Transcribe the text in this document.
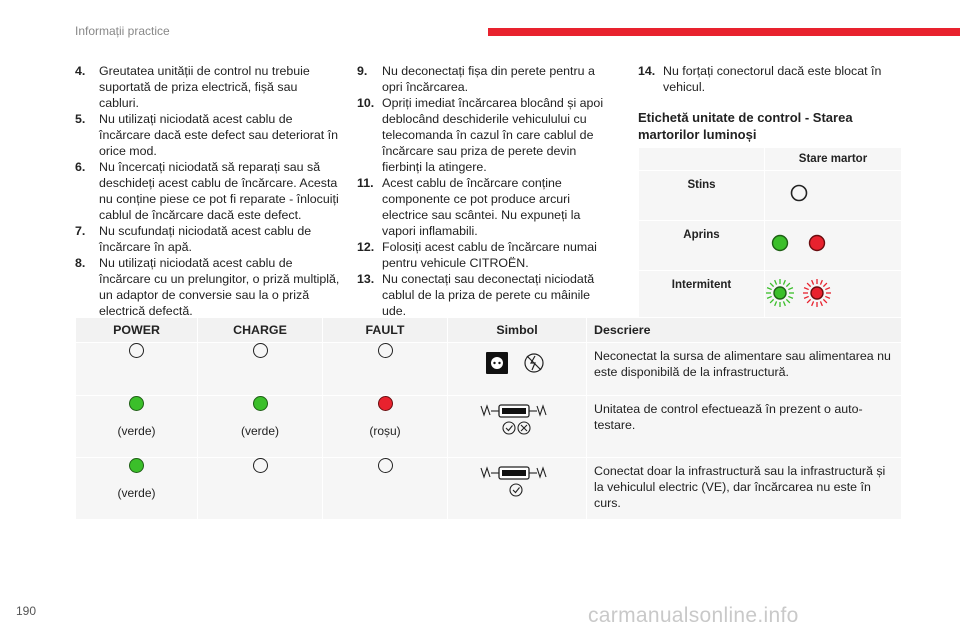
Informații practice
4.	Greutatea unității de control nu trebuie suportată de priza electrică, fișă sau cabluri.
5.	Nu utilizați niciodată acest cablu de încărcare dacă este defect sau deteriorat în orice mod.
6.	Nu încercați niciodată să reparați sau să deschideți acest cablu de încărcare. Acesta nu conține piese ce pot fi reparate - înlocuiți cablul de încărcare dacă este defect.
7.	Nu scufundați niciodată acest cablu de încărcare în apă.
8.	Nu utilizați niciodată acest cablu de încărcare cu un prelungitor, o priză multiplă, un adaptor de conversie sau la o priză electrică defectă.
9.	Nu deconectați fișa din perete pentru a opri încărcarea.
10. Opriți imediat încărcarea blocând și apoi deblocând deschiderile vehiculului cu telecomanda în cazul în care cablul de încărcare sau priza de perete devin fierbinți la atingere.
11. Acest cablu de încărcare conține componente ce pot produce arcuri electrice sau scântei. Nu expuneți la vapori inflamabili.
12. Folosiți acest cablu de încărcare numai pentru vehicule CITROËN.
13. Nu conectați sau deconectați niciodată cablul de la priza de perete cu mâinile ude.
14. Nu forțați conectorul dacă este blocat în vehicul.
Etichetă unitate de control - Starea martorilor luminoși
	Stare martor
Stins	
Aprins	
Intermitent	
POWER	CHARGE	FAULT	Simbol	Descriere
				Neconectat la sursa de alimentare sau alimentarea nu este disponibilă de la infrastructură.

(verde)	(verde)	(roșu)		Unitatea de control efectuează în prezent o auto-testare.

(verde)				Conectat doar la infrastructură sau la infrastructură și la vehiculul electric (VE), dar încărcarea nu este în curs.
190	carmanualsonline.info
